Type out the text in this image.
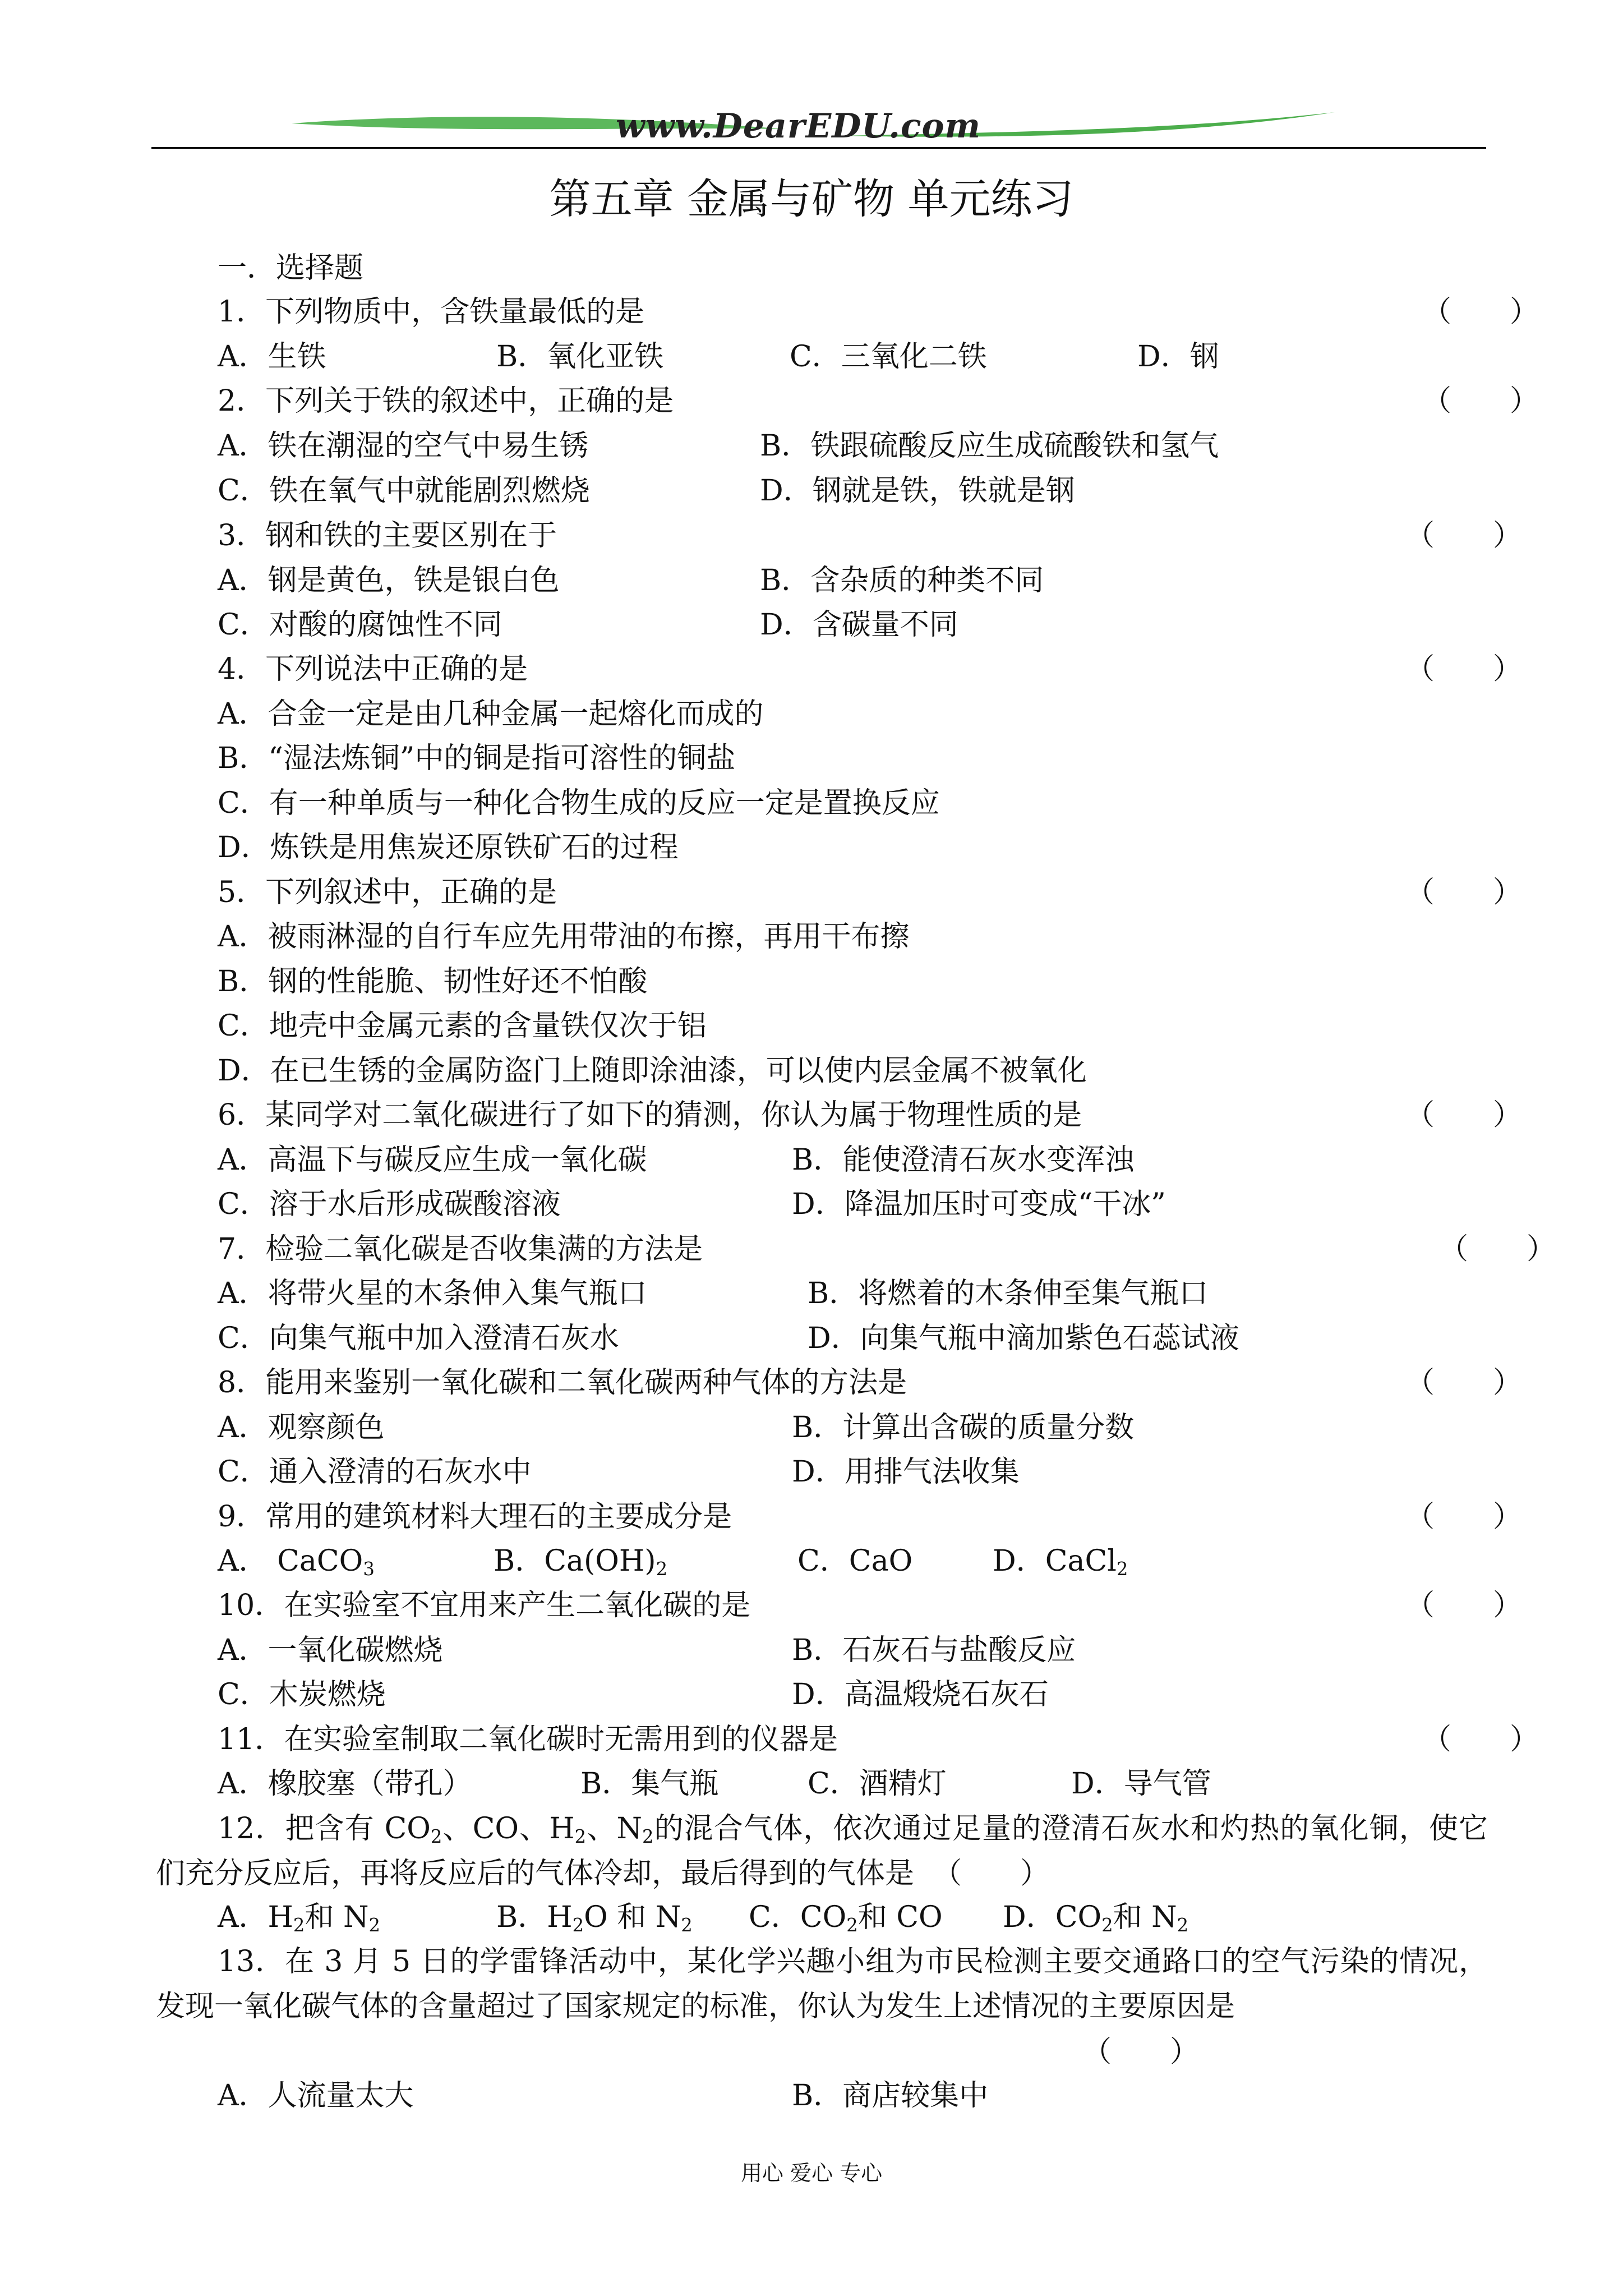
www.DearEDU.com
第五章 金属与矿物 单元练习
一．选择题
1．下列物质中，含铁量最低的是	（　　）
A．生铁	B．氧化亚铁	C．三氧化二铁	D．钢
2．下列关于铁的叙述中，正确的是	（　　）
A．铁在潮湿的空气中易生锈	B．铁跟硫酸反应生成硫酸铁和氢气
C．铁在氧气中就能剧烈燃烧	D．钢就是铁，铁就是钢
3．钢和铁的主要区别在于	（　　）
A．钢是黄色，铁是银白色	B．含杂质的种类不同
C．对酸的腐蚀性不同	D．含碳量不同
4．下列说法中正确的是	（　　）
A．合金一定是由几种金属一起熔化而成的
B．“湿法炼铜”中的铜是指可溶性的铜盐
C．有一种单质与一种化合物生成的反应一定是置换反应
D．炼铁是用焦炭还原铁矿石的过程
5．下列叙述中，正确的是	（　　）
A．被雨淋湿的自行车应先用带油的布擦，再用干布擦
B．钢的性能脆、韧性好还不怕酸
C．地壳中金属元素的含量铁仅次于铝
D．在已生锈的金属防盗门上随即涂油漆，可以使内层金属不被氧化
6．某同学对二氧化碳进行了如下的猜测，你认为属于物理性质的是	（　　）
A．高温下与碳反应生成一氧化碳	B．能使澄清石灰水变浑浊
C．溶于水后形成碳酸溶液	D．降温加压时可变成“干冰”
7．检验二氧化碳是否收集满的方法是	（　　）
A．将带火星的木条伸入集气瓶口	B．将燃着的木条伸至集气瓶口
C．向集气瓶中加入澄清石灰水	D．向集气瓶中滴加紫色石蕊试液
8．能用来鉴别一氧化碳和二氧化碳两种气体的方法是	（　　）
A．观察颜色	B．计算出含碳的质量分数
C．通入澄清的石灰水中	D．用排气法收集
9．常用的建筑材料大理石的主要成分是	（　　）
A． CaCO$_3$	B．$Ca(OH)_2$	C．CaO	D．CaCl$_2$
10．在实验室不宜用来产生二氧化碳的是	（　　）
A．一氧化碳燃烧	B．石灰石与盐酸反应
C．木炭燃烧	D．高温煅烧石灰石
11．在实验室制取二氧化碳时无需用到的仪器是	（　　）
A．橡胶塞（带孔）	B．集气瓶	C．酒精灯	D．导气管
12．把含有 $CO_2$、CO、$H_2$、$N_2$的混合气体，依次通过足量的澄清石灰水和灼热的氧化铜，使它们充分反应后，再将反应后的气体冷却，最后得到的气体是 （　　）
A．$H_2$和 $N_2$	B．$H_2O$ 和 $N_2$ C．$CO_2$和 CO D．$CO_2$和 $N_2$
13．在 3 月 5 日的学雷锋活动中，某化学兴趣小组为市民检测主要交通路口的空气污染的情况，发现一氧化碳气体的含量超过了国家规定的标准，你认为发生上述情况的主要原因是
（　　）
A．人流量太大	B．商店较集中
用心 爱心 专心
